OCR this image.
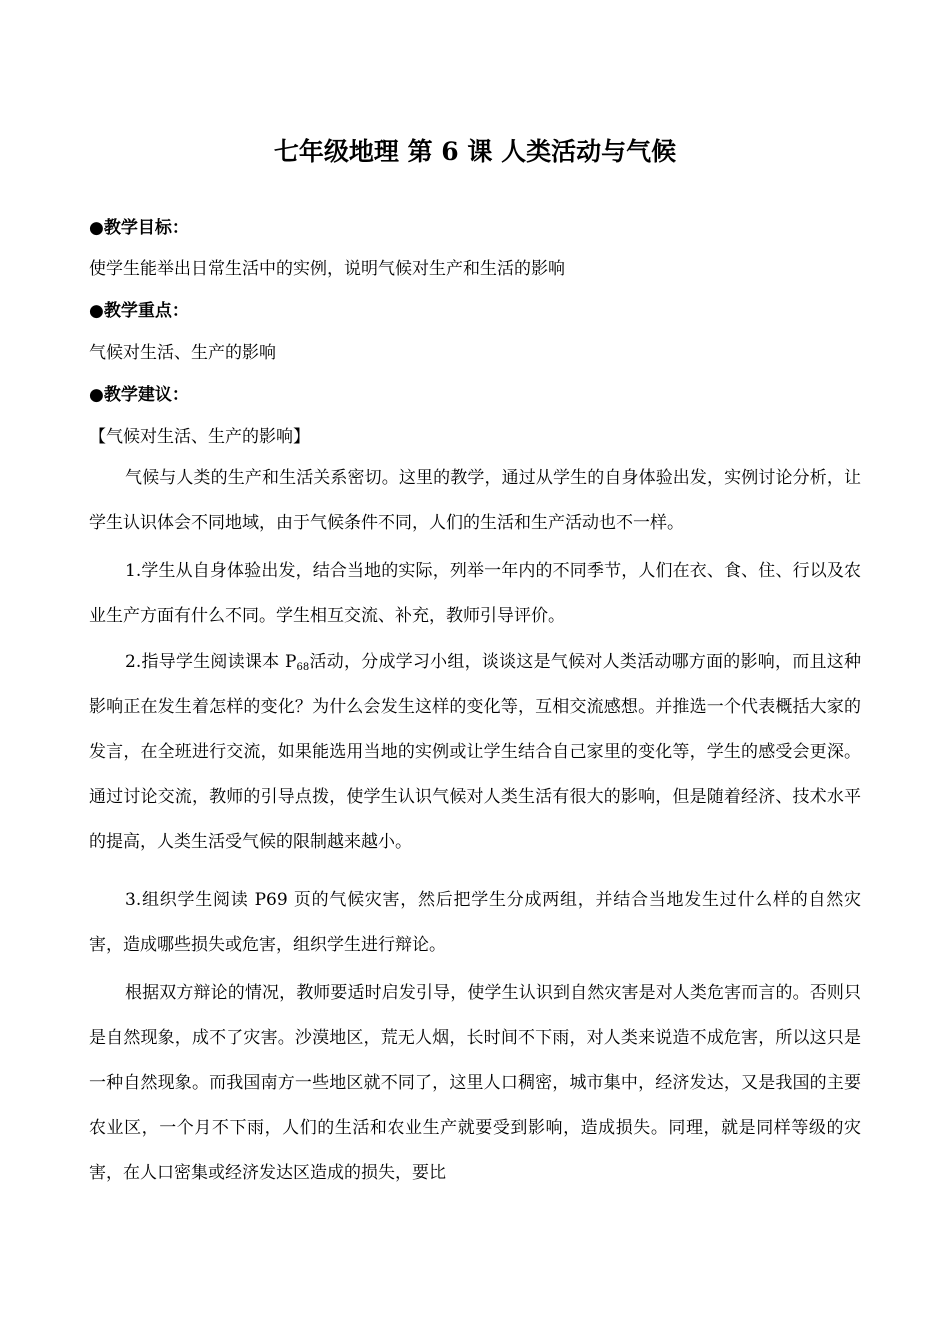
七年级地理 第 6 课 人类活动与气候

●教学目标：

使学生能举出日常生活中的实例，说明气候对生产和生活的影响

●教学重点：

气候对生活、生产的影响

●教学建议：

【气候对生活、生产的影响】

气候与人类的生产和生活关系密切。这里的教学，通过从学生的自身体验出发，实例讨论分析，让学生认识体会不同地域，由于气候条件不同，人们的生活和生产活动也不一样。

1.学生从自身体验出发，结合当地的实际，列举一年内的不同季节，人们在衣、食、住、行以及农业生产方面有什么不同。学生相互交流、补充，教师引导评价。

2.指导学生阅读课本 $P_{68}$活动，分成学习小组，谈谈这是气候对人类活动哪方面的影响，而且这种影响正在发生着怎样的变化？为什么会发生这样的变化等，互相交流感想。并推选一个代表概括大家的发言，在全班进行交流，如果能选用当地的实例或让学生结合自己家里的变化等，学生的感受会更深。通过讨论交流，教师的引导点拨，使学生认识气候对人类生活有很大的影响，但是随着经济、技术水平的提高，人类生活受气候的限制越来越小。

3.组织学生阅读 P69 页的气候灾害，然后把学生分成两组，并结合当地发生过什么样的自然灾害，造成哪些损失或危害，组织学生进行辩论。

根据双方辩论的情况，教师要适时启发引导，使学生认识到自然灾害是对人类危害而言的。否则只是自然现象，成不了灾害。沙漠地区，荒无人烟，长时间不下雨，对人类来说造不成危害，所以这只是一种自然现象。而我国南方一些地区就不同了，这里人口稠密，城市集中，经济发达，又是我国的主要农业区，一个月不下雨，人们的生活和农业生产就要受到影响，造成损失。同理，就是同样等级的灾害，在人口密集或经济发达区造成的损失，要比
